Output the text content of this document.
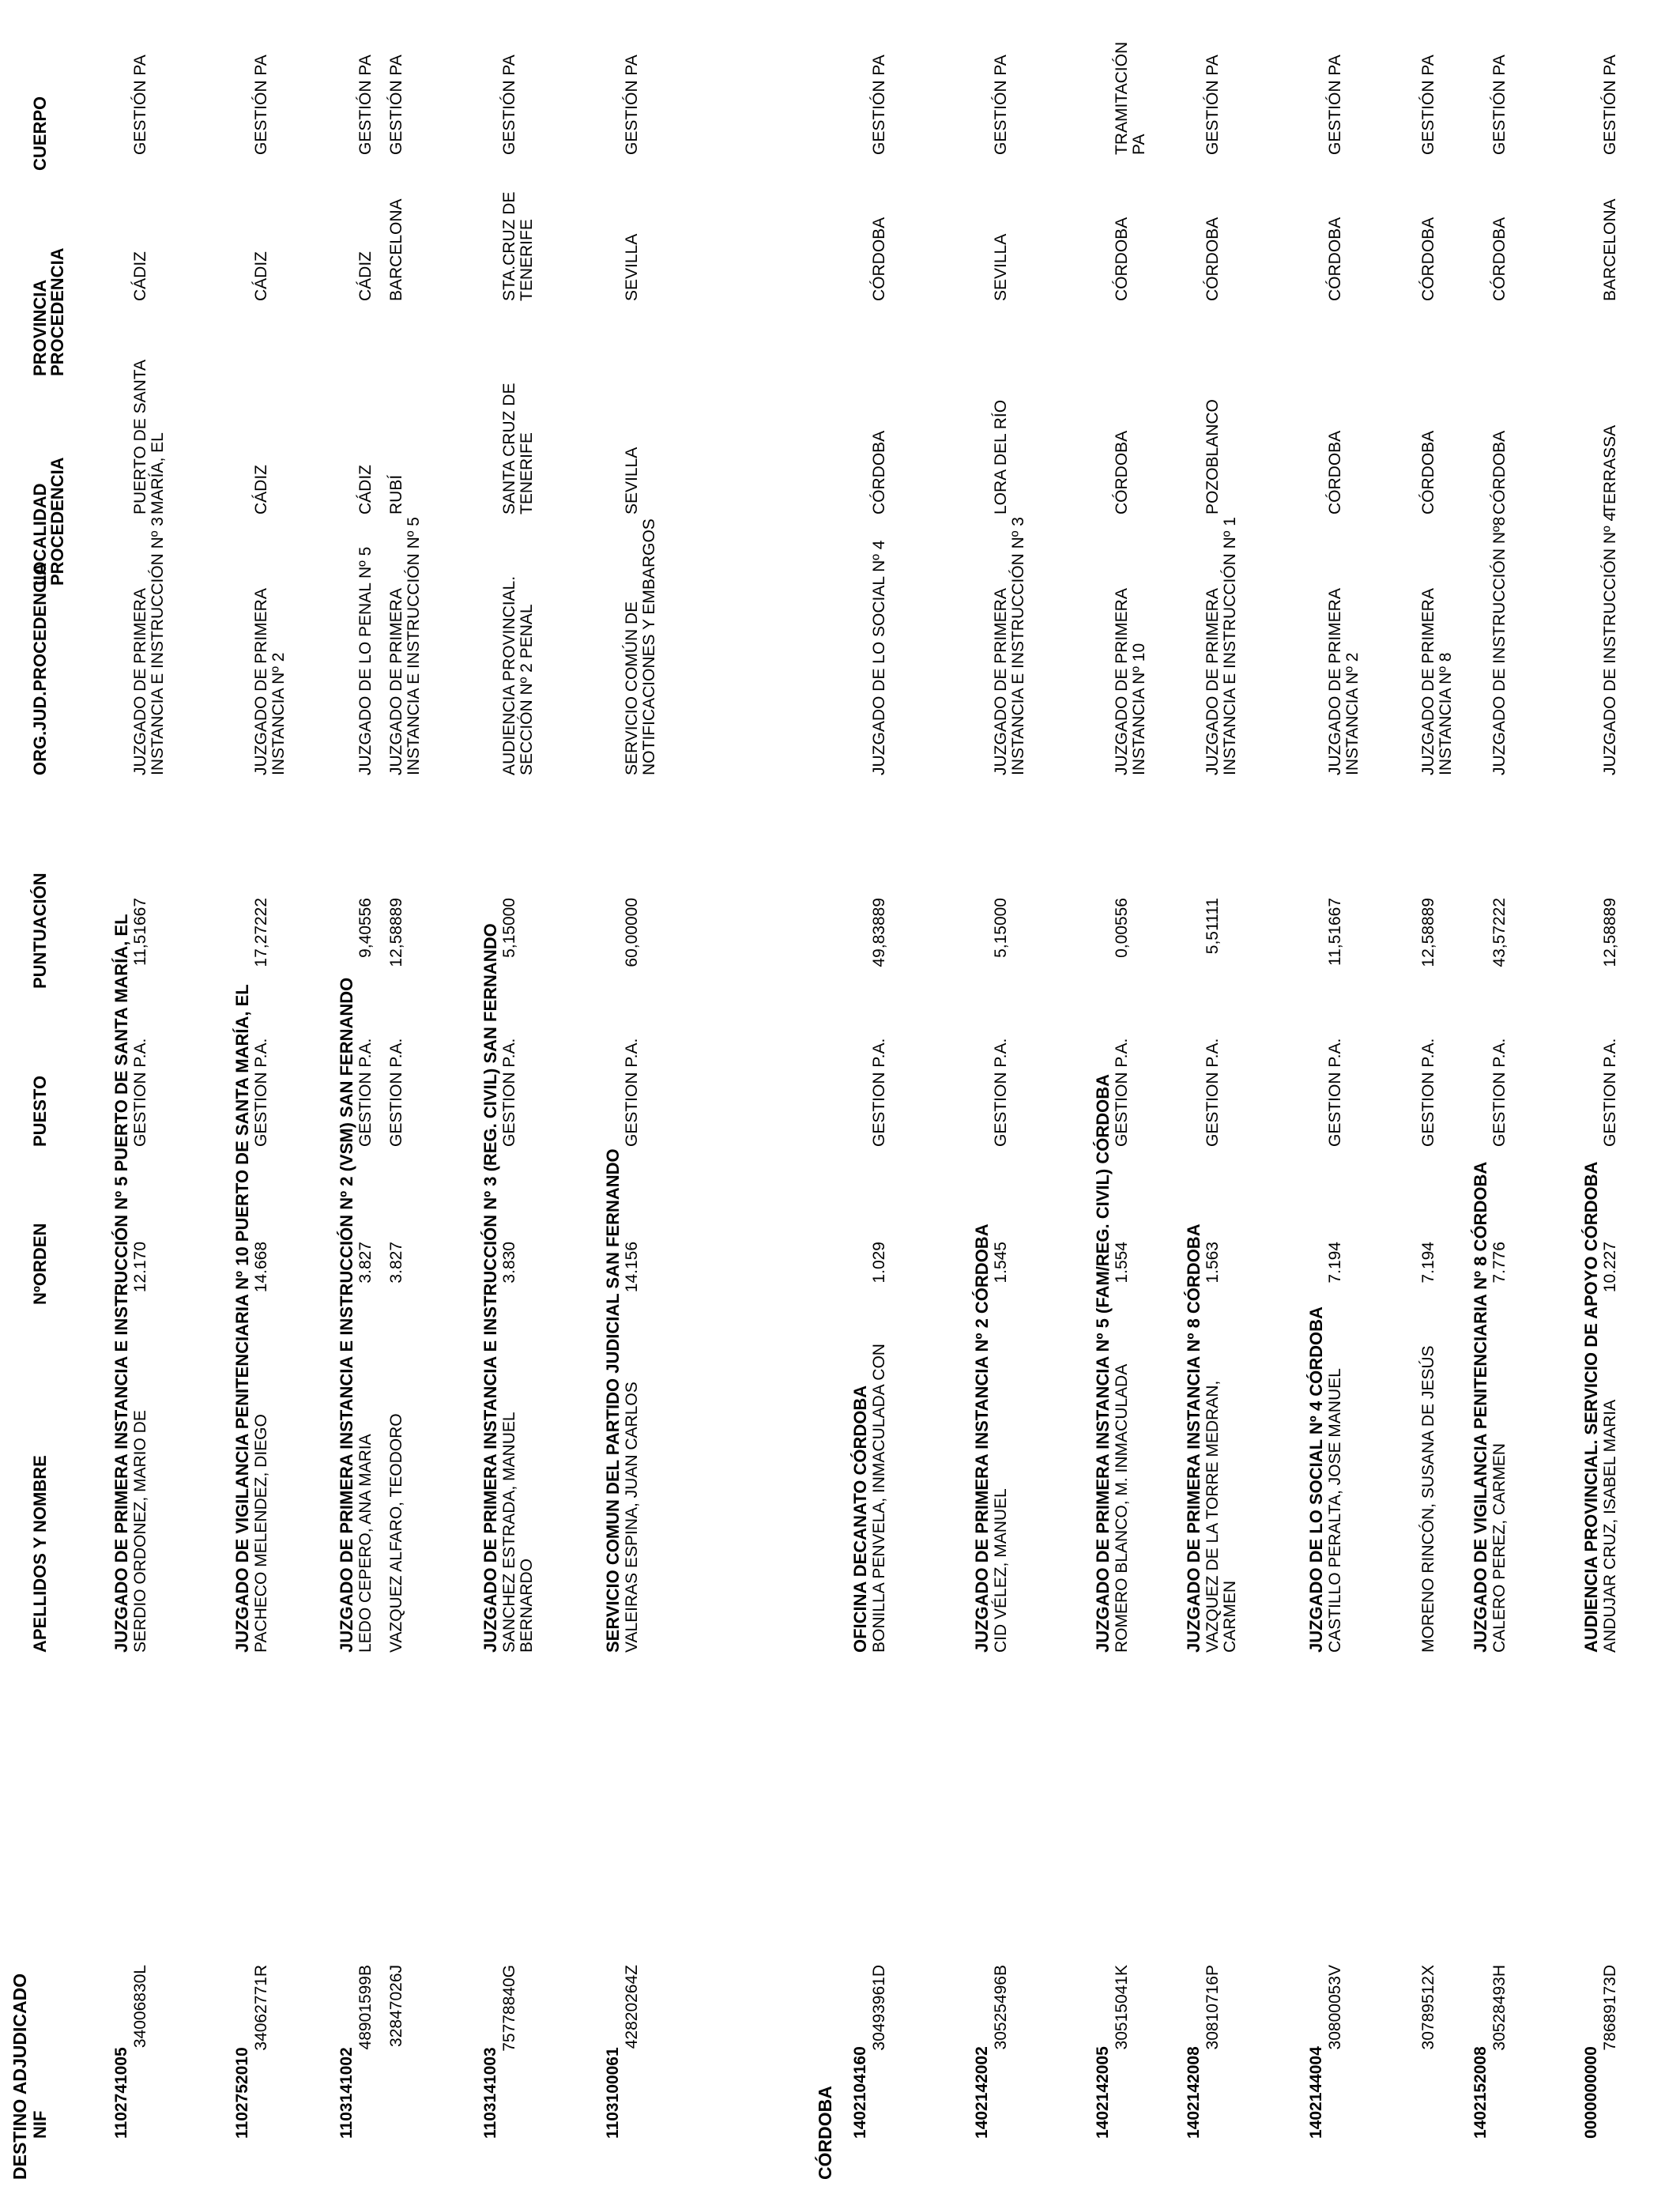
DESTINO ADJUDICADO NIF
APELLIDOS Y NOMBRE
NºORDEN
PUESTO
PUNTUACIÓN
ORG.JUD.PROCEDENCIA
LOCALIDAD
PROCEDENCIA
PROVINCIA
PROCEDENCIA
CUERPO
CÓRDOBA
1102741005
JUZGADO DE PRIMERA INSTANCIA E INSTRUCCIÓN Nº 5 PUERTO DE SANTA MARÍA, EL
34006830L
SERDIO ORDONEZ, MARIO DE
12.170
GESTION P.A.
11,51667
JUZGADO DE PRIMERA INSTANCIA E INSTRUCCIÓN Nº 3
PUERTO DE SANTA MARÍA, EL
CÁDIZ
GESTIÓN PA
1102752010
JUZGADO DE VIGILANCIA PENITENCIARIA Nº 10 PUERTO DE SANTA MARÍA, EL
34062771R
PACHECO MELENDEZ, DIEGO
14.668
GESTION P.A.
17,27222
JUZGADO DE PRIMERA INSTANCIA Nº 2
CÁDIZ
CÁDIZ
GESTIÓN PA
1103141002
JUZGADO DE PRIMERA INSTANCIA E INSTRUCCIÓN Nº 2 (VSM) SAN FERNANDO
48901599B
LEDO CEPERO, ANA MARIA
3.827
GESTION P.A.
9,40556
JUZGADO DE LO PENAL Nº 5
CÁDIZ
CÁDIZ
GESTIÓN PA
32847026J
VAZQUEZ ALFARO, TEODORO
3.827
GESTION P.A.
12,58889
JUZGADO DE PRIMERA INSTANCIA E INSTRUCCIÓN Nº 5
RUBÍ
BARCELONA
GESTIÓN PA
1103141003
JUZGADO DE PRIMERA INSTANCIA E INSTRUCCIÓN Nº 3 (REG. CIVIL) SAN FERNANDO
75778840G
SANCHEZ ESTRADA, MANUEL BERNARDO
3.830
GESTION P.A.
5,15000
AUDIENCIA PROVINCIAL. SECCIÓN Nº 2 PENAL
SANTA CRUZ DE TENERIFE
STA.CRUZ DE TENERIFE
GESTIÓN PA
1103100061
SERVICIO COMUN DEL PARTIDO JUDICIAL SAN FERNANDO
42820264Z
VALEIRAS ESPINA, JUAN CARLOS
14.156
GESTION P.A.
60,00000
SERVICIO COMÚN DE NOTIFICACIONES Y EMBARGOS
SEVILLA
SEVILLA
GESTIÓN PA
1402104160
OFICINA DECANATO CÓRDOBA
30493961D
BONILLA PENVELA, INMACULADA CON
1.029
GESTION P.A.
49,83889
JUZGADO DE LO SOCIAL Nº 4
CÓRDOBA
CÓRDOBA
GESTIÓN PA
1402142002
JUZGADO DE PRIMERA INSTANCIA Nº 2 CÓRDOBA
30525496B
CID VÉLEZ, MANUEL
1.545
GESTION P.A.
5,15000
JUZGADO DE PRIMERA INSTANCIA E INSTRUCCIÓN Nº 3
LORA DEL RÍO
SEVILLA
GESTIÓN PA
1402142005
JUZGADO DE PRIMERA INSTANCIA Nº 5 (FAM/REG. CIVIL) CÓRDOBA
30515041K
ROMERO BLANCO, M. INMACULADA
1.554
GESTION P.A.
0,00556
JUZGADO DE PRIMERA INSTANCIA Nº 10
CÓRDOBA
CÓRDOBA
TRAMITACIÓN PA
1402142008
JUZGADO DE PRIMERA INSTANCIA Nº 8 CÓRDOBA
30810716P
VAZQUEZ DE LA TORRE MEDRAN, CARMEN
1.563
GESTION P.A.
5,51111
JUZGADO DE PRIMERA INSTANCIA E INSTRUCCIÓN Nº 1
POZOBLANCO
CÓRDOBA
GESTIÓN PA
1402144004
JUZGADO DE LO SOCIAL Nº 4 CÓRDOBA
30800053V
CASTILLO PERALTA, JOSE MANUEL
7.194
GESTION P.A.
11,51667
JUZGADO DE PRIMERA INSTANCIA Nº 2
CÓRDOBA
CÓRDOBA
GESTIÓN PA
30789512X
MORENO RINCÓN, SUSANA DE JESÚS
7.194
GESTION P.A.
12,58889
JUZGADO DE PRIMERA INSTANCIA Nº 8
CÓRDOBA
CÓRDOBA
GESTIÓN PA
1402152008
JUZGADO DE VIGILANCIA PENITENCIARIA Nº 8 CÓRDOBA
30528493H
CALERO PEREZ, CARMEN
7.776
GESTION P.A.
43,57222
JUZGADO DE INSTRUCCIÓN Nº8
CÓRDOBA
CÓRDOBA
GESTIÓN PA
0000000000
AUDIENCIA PROVINCIAL. SERVICIO DE APOYO CÓRDOBA
78689173D
ANDUJAR CRUZ, ISABEL MARIA
10.227
GESTION P.A.
12,58889
JUZGADO DE INSTRUCCIÓN Nº 4
TERRASSA
BARCELONA
GESTIÓN PA
